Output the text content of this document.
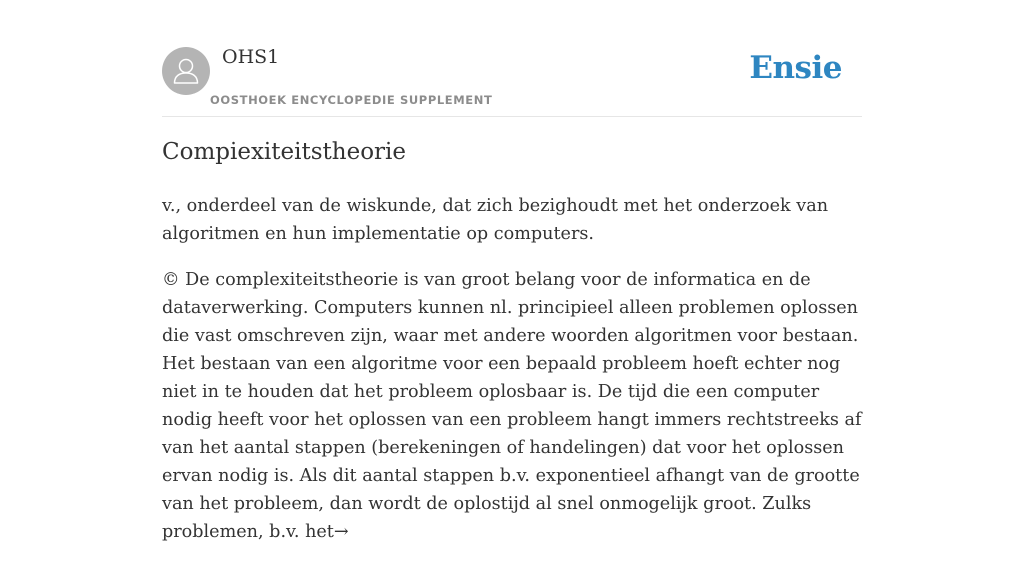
OHS1
OOSTHOEK ENCYCLOPEDIE SUPPLEMENT
Ensie
Compiexiteitstheorie

v., onderdeel van de wiskunde, dat zich bezighoudt met het onderzoek van algoritmen en hun implementatie op computers.

© De complexiteitstheorie is van groot belang voor de informatica en de dataverwerking. Computers kunnen nl. principieel alleen problemen oplossen die vast omschreven zijn, waar met andere woorden algoritmen voor bestaan. Het bestaan van een algoritme voor een bepaald probleem hoeft echter nog niet in te houden dat het probleem oplosbaar is. De tijd die een computer nodig heeft voor het oplossen van een probleem hangt immers rechtstreeks af van het aantal stappen (berekeningen of handelingen) dat voor het oplossen ervan nodig is. Als dit aantal stappen b.v. exponentieel afhangt van de grootte van het probleem, dan wordt de oplostijd al snel onmogelijk groot. Zulks problemen, b.v. het→
